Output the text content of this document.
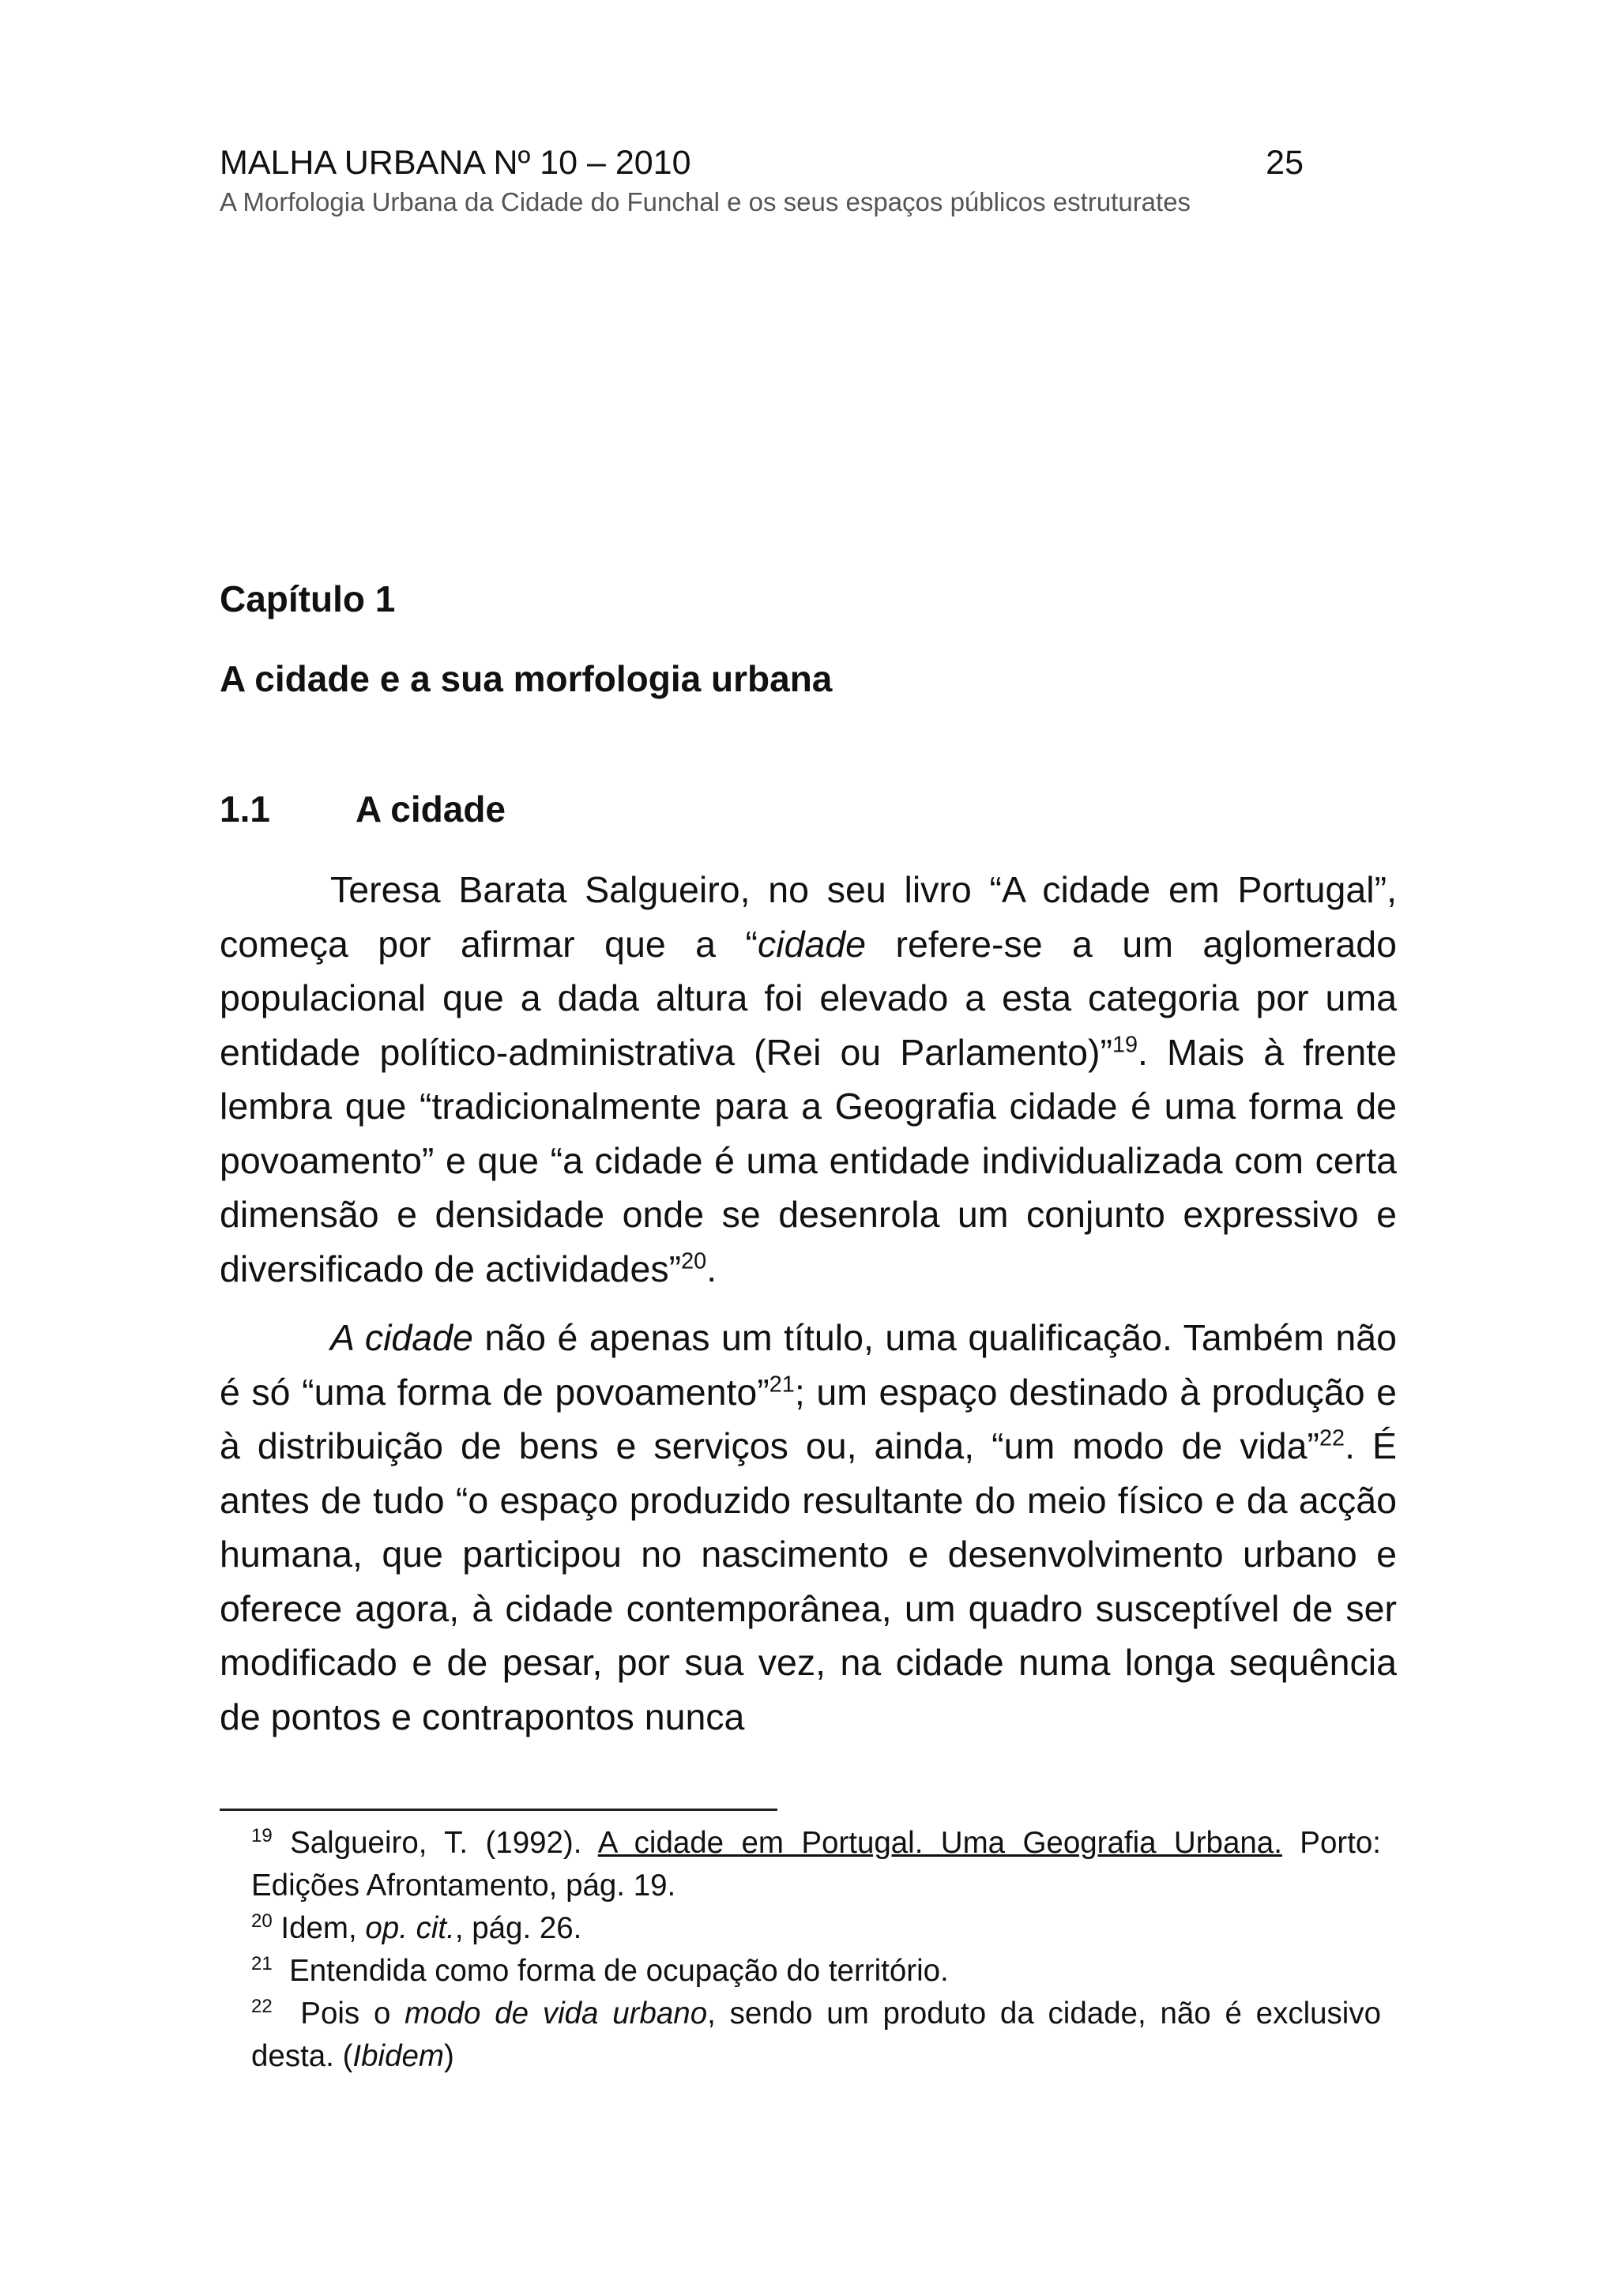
MALHA URBANA Nº 10 – 2010	25
A Morfologia Urbana da Cidade do Funchal e os seus espaços públicos estruturates
Capítulo 1
A cidade e a sua morfologia urbana
1.1 A cidade

Teresa Barata Salgueiro, no seu livro “A cidade em Portugal”, começa por afirmar que a “cidade refere-se a um aglomerado populacional que a dada altura foi elevado a esta categoria por uma entidade político-administrativa (Rei ou Parlamento)”$^{19}$. Mais à frente lembra que “tradicionalmente para a Geografia cidade é uma forma de povoamento” e que “a cidade é uma entidade individualizada com certa dimensão e densidade onde se desenrola um conjunto expressivo e diversificado de actividades”$^{20}$.

A cidade não é apenas um título, uma qualificação. Também não é só “uma forma de povoamento”$^{21}$; um espaço destinado à produção e à distribuição de bens e serviços ou, ainda, “um modo de vida”$^{22}$. É antes de tudo “o espaço produzido resultante do meio físico e da acção humana, que participou no nascimento e desenvolvimento urbano e oferece agora, à cidade contemporânea, um quadro susceptível de ser modificado e de pesar, por sua vez, na cidade numa longa sequência de pontos e contrapontos nunca

$^{19}$ Salgueiro, T. (1992). A cidade em Portugal. Uma Geografia Urbana. Porto: Edições Afrontamento, pág. 19.
$^{20}$ Idem, op. cit., pág. 26.
$^{21}$  Entendida como forma de ocupação do território.
$^{22}$  Pois o modo de vida urbano, sendo um produto da cidade, não é exclusivo desta. (Ibidem)
